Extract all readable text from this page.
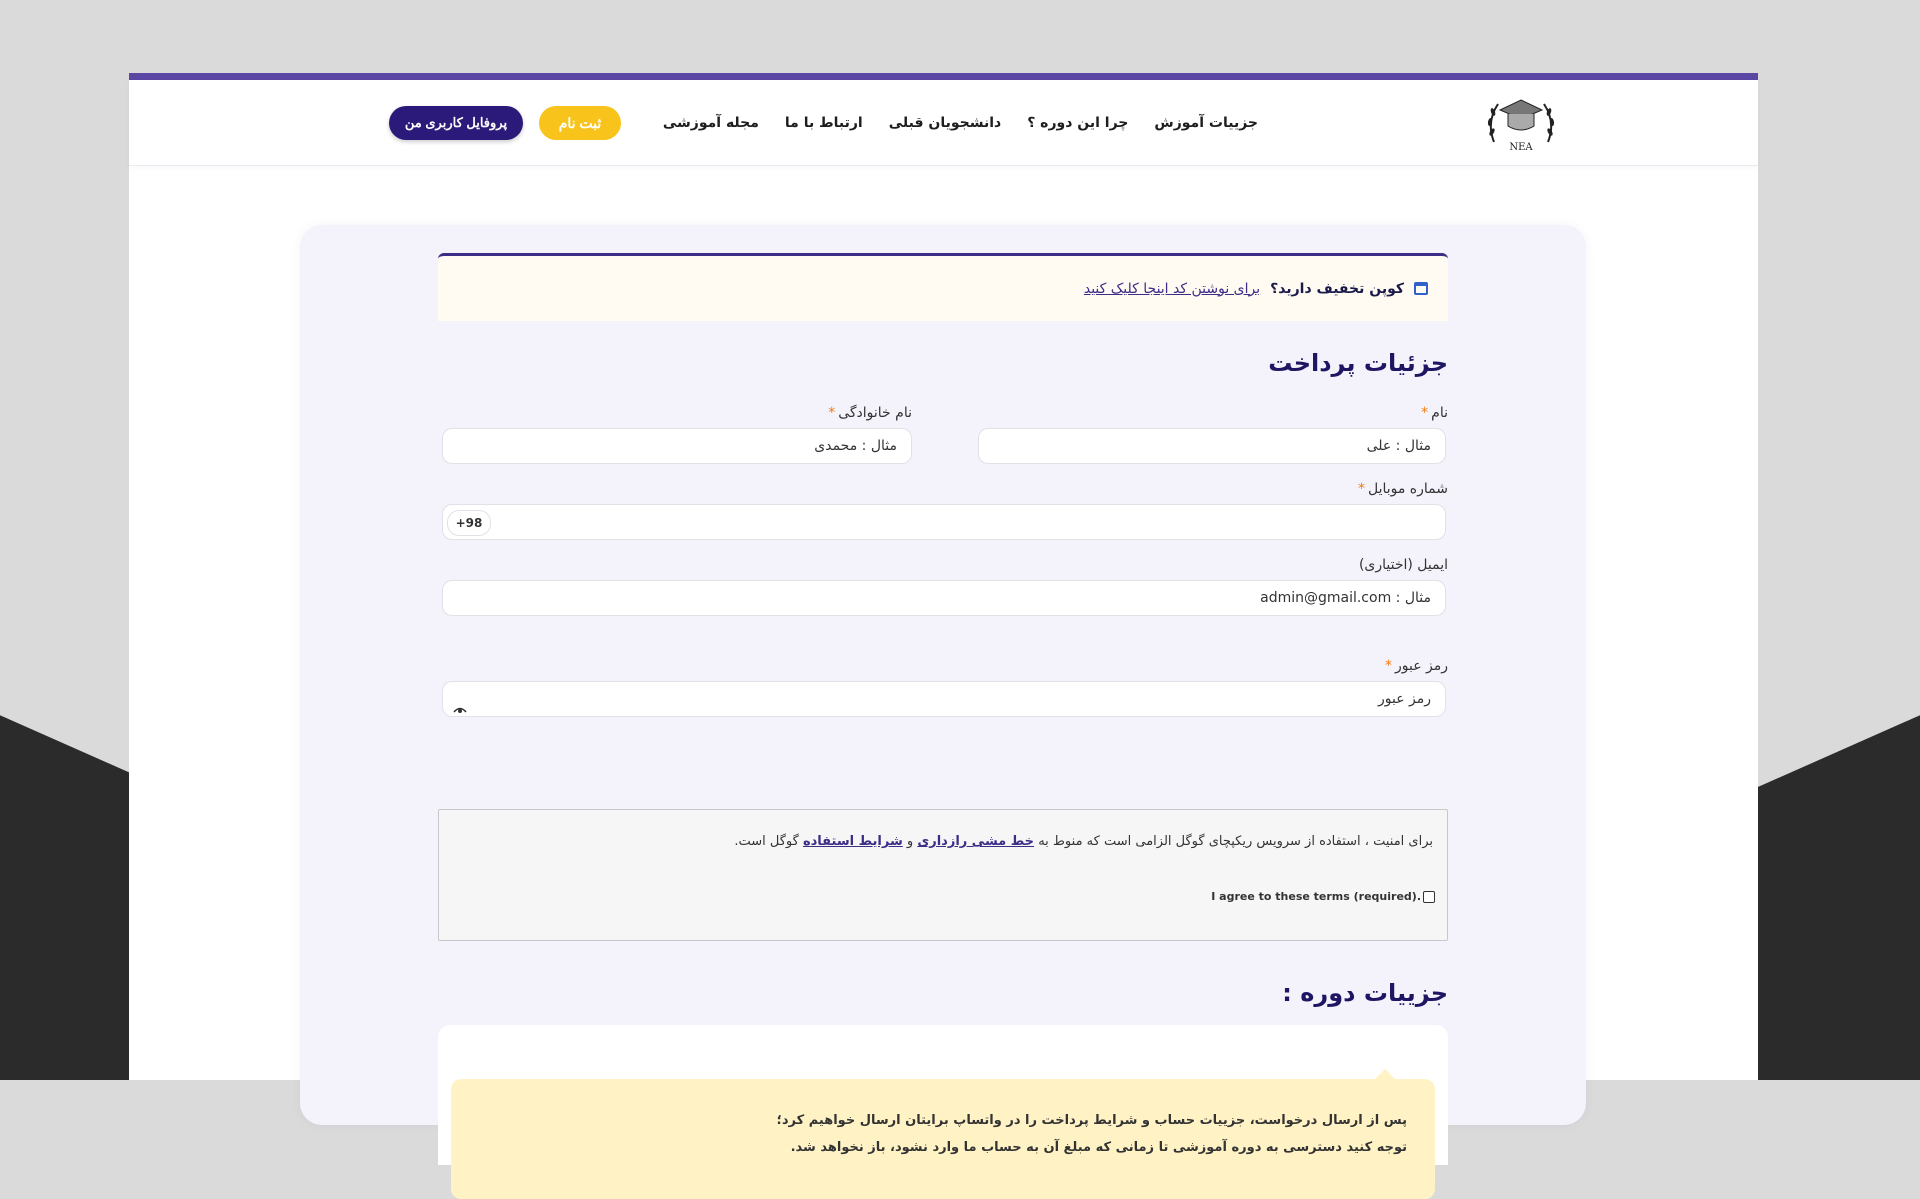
NEA
جزییات آموزش
چرا این دوره ؟
دانشجویان قبلی
ارتباط با ما
مجله آموزشی
ثبت نام
پروفایل کاربری من
کوپن تخفیف دارید؟
برای نوشتن کد اینجا کلیک کنید
جزئیات پرداخت
نام*
مثال : علی
نام خانوادگی*
مثال : محمدی
شماره موبایل*
+98
ایمیل (اختیاری)
مثال : admin@gmail.com
رمز عبور*
رمز عبور
برای امنیت ، استفاده از سرویس ریکپچای گوگل الزامی است که منوط به خط مشی رازداری و شرایط استفاده گوگل است.
I agree to these terms (required).
جزییات دوره :
پس از ارسال درخواست، جزییات حساب و شرایط پرداخت را در واتساپ برایتان ارسال خواهیم کرد؛
توجه کنید دسترسی به دوره آموزشی تا زمانی که مبلغ آن به حساب ما وارد نشود، باز نخواهد شد.
